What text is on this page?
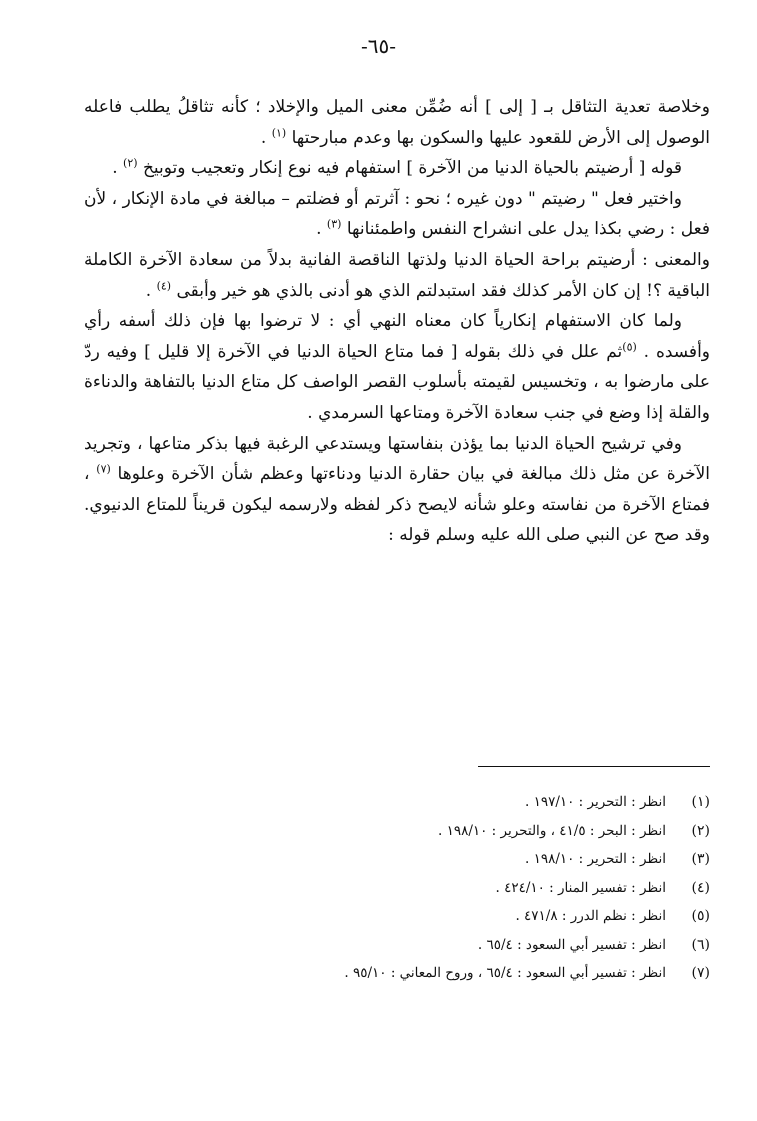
-٦٥-

وخلاصة تعدية التثاقل بـ [ إلى ] أنه ضُمِّن معنى الميل والإخلاد ؛ كأنه تثاقلُ يطلب فاعله الوصول إلى الأرض للقعود عليها والسكون بها وعدم مبارحتها $^{(١)}$ .

قوله [ أرضيتم بالحياة الدنيا من الآخرة ] استفهام فيه نوع إنكار وتعجيب وتوبيخ $^{(٢)}$ .

واختير فعل " رضيتم " دون غيره ؛ نحو : آثرتم أو فضلتم – مبالغة في مادة الإنكار ، لأن فعل : رضي بكذا يدل على انشراح النفس واطمئنانها $^{(٣)}$ .

والمعنى : أرضيتم براحة الحياة الدنيا ولذتها الناقصة الفانية بدلاً من سعادة الآخرة الكاملة الباقية ؟! إن كان الأمر كذلك فقد استبدلتم الذي هو أدنى بالذي هو خير وأبقى $^{(٤)}$ .

ولما كان الاستفهام إنكارياً كان معناه النهي أي : لا ترضوا بها فإن ذلك أسفه رأي وأفسده . $^{(٥)}$ثم علل في ذلك بقوله [ فما متاع الحياة الدنيا في الآخرة إلا قليل ] وفيه ردّ على مارضوا به ، وتخسيس لقيمته بأسلوب القصر الواصف كل متاع الدنيا بالتفاهة والدناءة والقلة إذا وضع في جنب سعادة الآخرة ومتاعها السرمدي .

وفي ترشيح الحياة الدنيا بما يؤذن بنفاستها ويستدعي الرغبة فيها بذكر متاعها ، وتجريد الآخرة عن مثل ذلك مبالغة في بيان حقارة الدنيا ودناءتها وعظم شأن الآخرة وعلوها $^{(٧)}$ ، فمتاع الآخرة من نفاسته وعلو شأنه لايصح ذكر لفظه ولارسمه ليكون قريناً للمتاع الدنيوي. وقد صح عن النبي صلى الله عليه وسلم قوله :

(١)
انظر : التحرير : ١٩٧/١٠ .
(٢)
انظر : البحر : ٤١/٥ ، والتحرير : ١٩٨/١٠ .
(٣)
انظر : التحرير : ١٩٨/١٠ .
(٤)
انظر : تفسير المنار : ٤٢٤/١٠ .
(٥)
انظر : نظم الدرر : ٤٧١/٨ .
(٦)
انظر : تفسير أبي السعود : ٦٥/٤ .
(٧)
انظر : تفسير أبي السعود : ٦٥/٤ ، وروح المعاني : ٩٥/١٠ .
